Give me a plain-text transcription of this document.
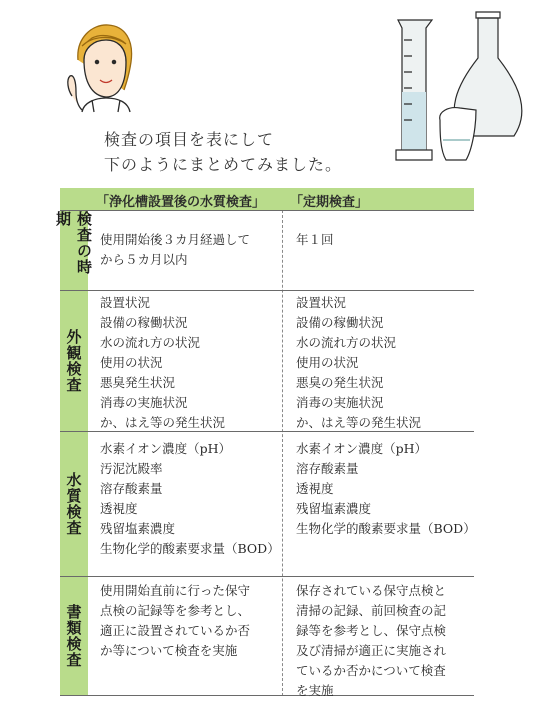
検査の項目を表にして
下のようにまとめてみました。
「浄化槽設置後の水質検査」 「定期検査」
検査の時期
使用開始後３カ月経過して
から５カ月以内
年１回
外観検査
設置状況
設備の稼働状況
水の流れ方の状況
使用の状況
悪臭発生状況
消毒の実施状況
か、はえ等の発生状況
設置状況
設備の稼働状況
水の流れ方の状況
使用の状況
悪臭の発生状況
消毒の実施状況
か、はえ等の発生状況
水質検査
水素イオン濃度（pH）
汚泥沈殿率
溶存酸素量
透視度
残留塩素濃度
生物化学的酸素要求量（BOD）
水素イオン濃度（pH）
溶存酸素量
透視度
残留塩素濃度
生物化学的酸素要求量（BOD）
書類検査
使用開始直前に行った保守
点検の記録等を参考とし、
適正に設置されているか否
か等について検査を実施
保存されている保守点検と
清掃の記録、前回検査の記
録等を参考とし、保守点検
及び清掃が適正に実施され
ているか否かについて検査
を実施
